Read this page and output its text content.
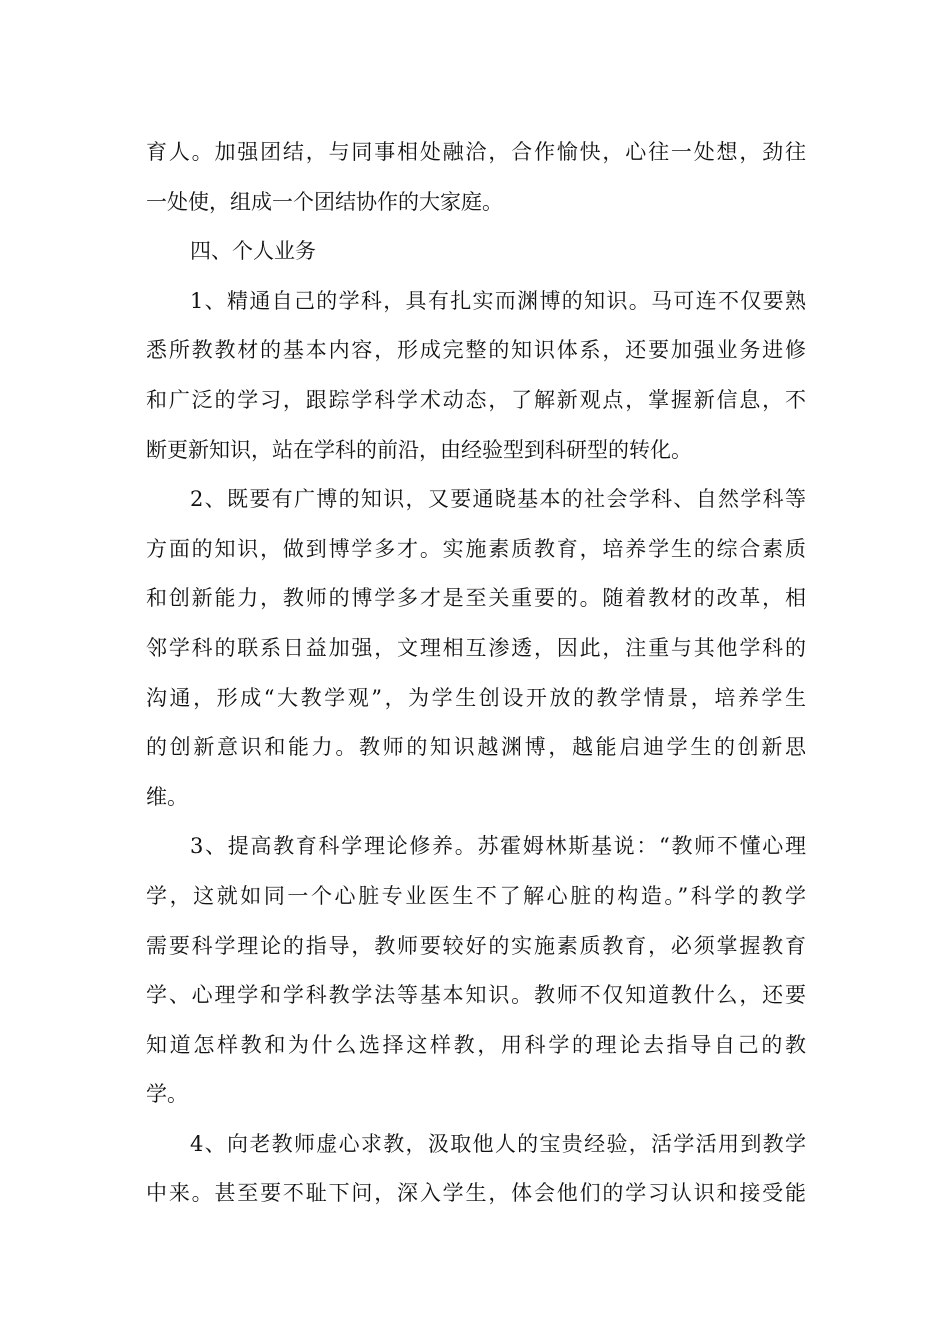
育人。加强团结，与同事相处融洽，合作愉快，心往一处想，劲往
一处使，组成一个团结协作的大家庭。
四、个人业务
1、精通自己的学科，具有扎实而渊博的知识。马可连不仅要熟
悉所教教材的基本内容，形成完整的知识体系，还要加强业务进修
和广泛的学习，跟踪学科学术动态，了解新观点，掌握新信息，不
断更新知识，站在学科的前沿，由经验型到科研型的转化。
2、既要有广博的知识，又要通晓基本的社会学科、自然学科等
方面的知识，做到博学多才。实施素质教育，培养学生的综合素质
和创新能力，教师的博学多才是至关重要的。随着教材的改革，相
邻学科的联系日益加强，文理相互渗透，因此，注重与其他学科的
沟通，形成“大教学观”，为学生创设开放的教学情景，培养学生
的创新意识和能力。教师的知识越渊博，越能启迪学生的创新思
维。
3、提高教育科学理论修养。苏霍姆林斯基说：“教师不懂心理
学，这就如同一个心脏专业医生不了解心脏的构造。”科学的教学
需要科学理论的指导，教师要较好的实施素质教育，必须掌握教育
学、心理学和学科教学法等基本知识。教师不仅知道教什么，还要
知道怎样教和为什么选择这样教，用科学的理论去指导自己的教
学。
4、向老教师虚心求教，汲取他人的宝贵经验，活学活用到教学
中来。甚至要不耻下问，深入学生，体会他们的学习认识和接受能
